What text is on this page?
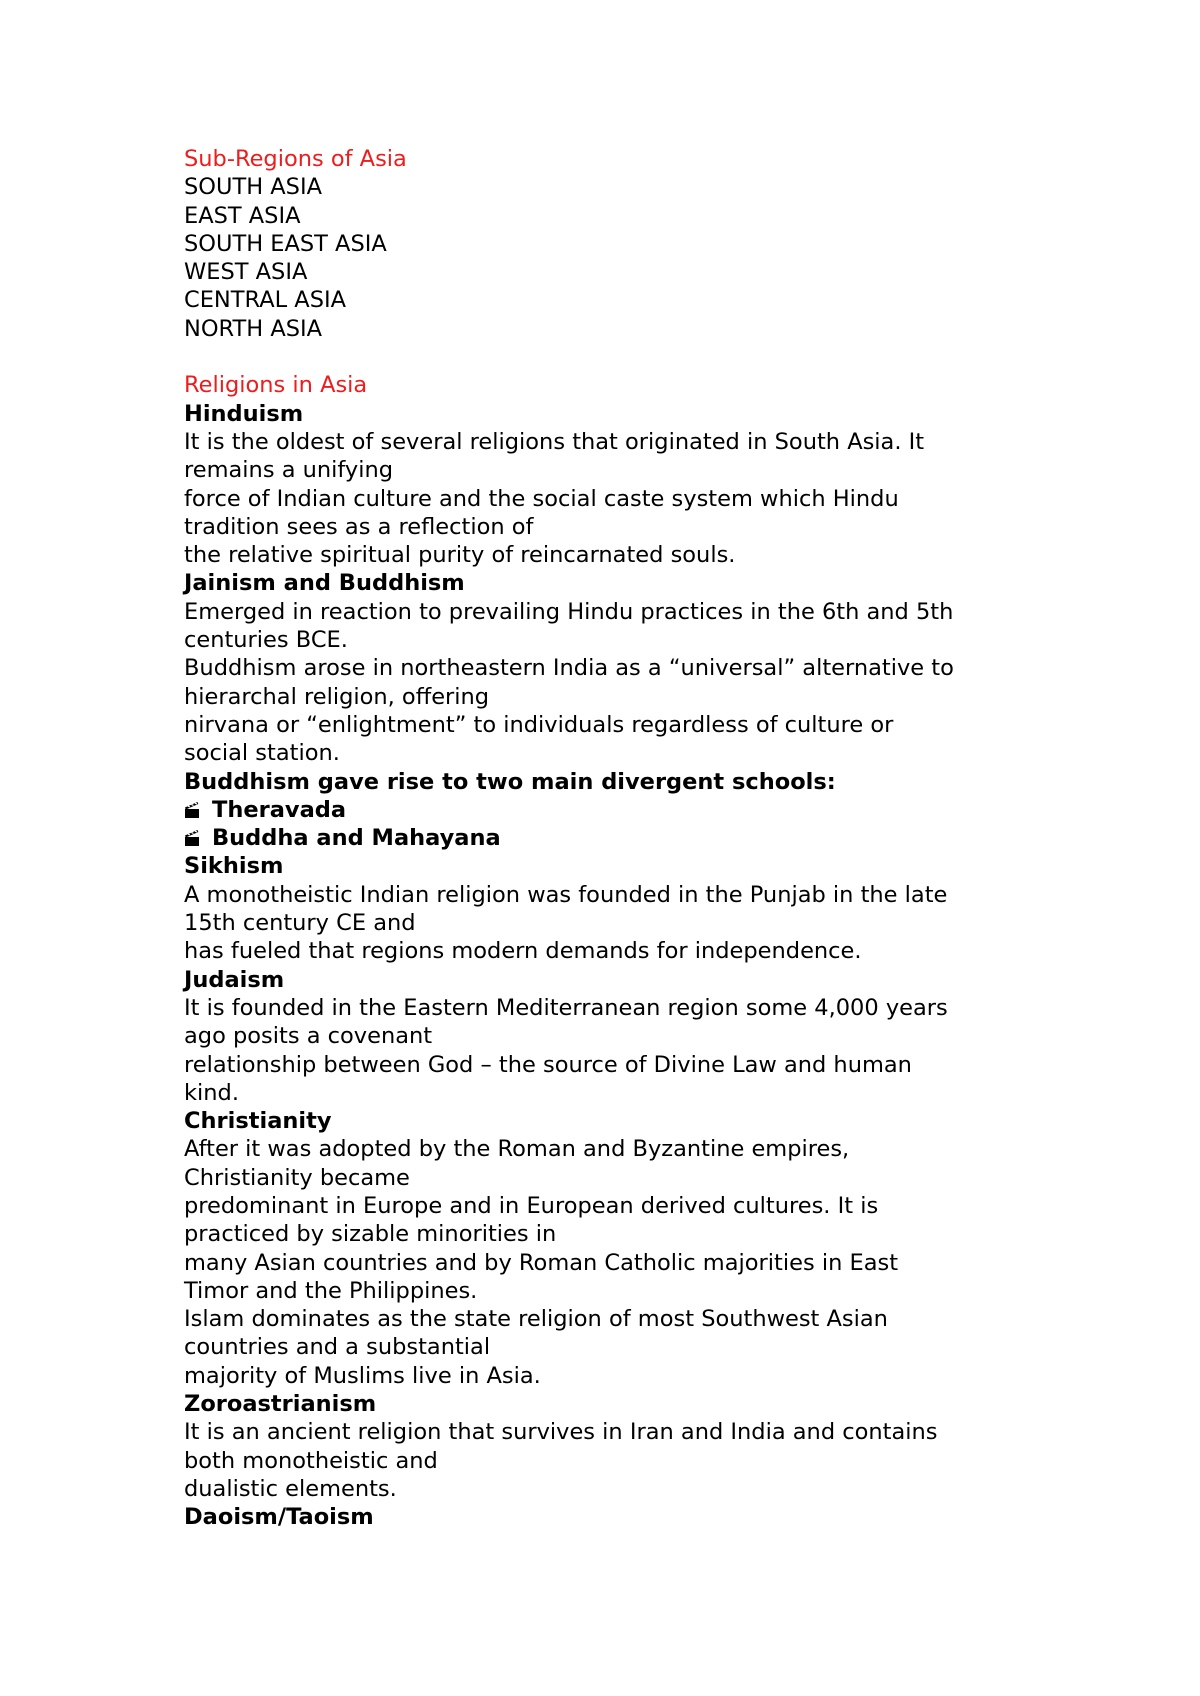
Sub-Regions of Asia
SOUTH ASIA
EAST ASIA
SOUTH EAST ASIA
WEST ASIA
CENTRAL ASIA
NORTH ASIA
Religions in Asia
Hinduism
It is the oldest of several religions that originated in South Asia. It
remains a unifying
force of Indian culture and the social caste system which Hindu
tradition sees as a reflection of
the relative spiritual purity of reincarnated souls.
Jainism and Buddhism
Emerged in reaction to prevailing Hindu practices in the 6th and 5th
centuries BCE.
Buddhism arose in northeastern India as a “universal” alternative to
hierarchal religion, offering
nirvana or “enlightment” to individuals regardless of culture or
social station.
Buddhism gave rise to two main divergent schools:
Theravada
Buddha and Mahayana
Sikhism
A monotheistic Indian religion was founded in the Punjab in the late
15th century CE and
has fueled that regions modern demands for independence.
Judaism
It is founded in the Eastern Mediterranean region some 4,000 years
ago posits a covenant
relationship between God – the source of Divine Law and human
kind.
Christianity
After it was adopted by the Roman and Byzantine empires,
Christianity became
predominant in Europe and in European derived cultures. It is
practiced by sizable minorities in
many Asian countries and by Roman Catholic majorities in East
Timor and the Philippines.
Islam dominates as the state religion of most Southwest Asian
countries and a substantial
majority of Muslims live in Asia.
Zoroastrianism
It is an ancient religion that survives in Iran and India and contains
both monotheistic and
dualistic elements.
Daoism/Taoism
